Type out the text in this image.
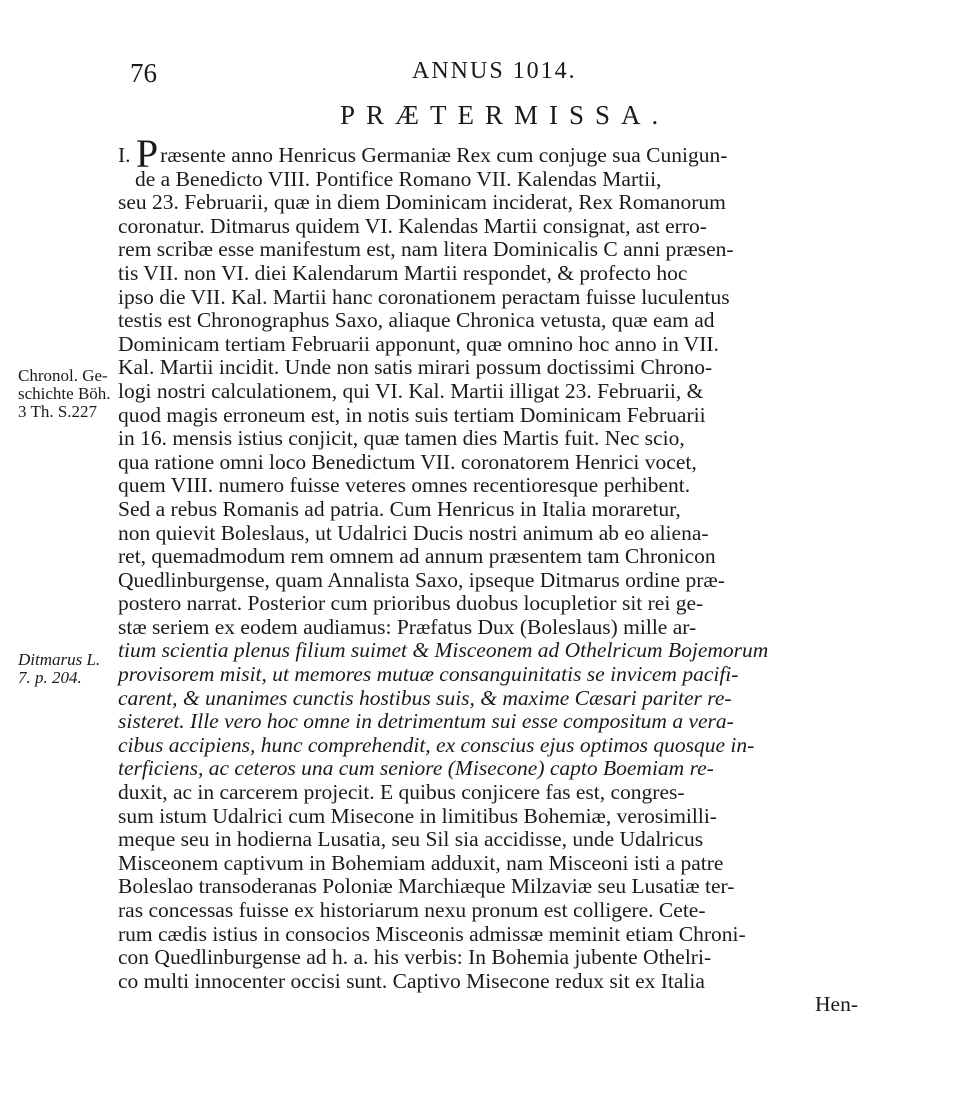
76	ANNUS 1014.
PRÆTERMISSA.
Chronol. Ge-
schichte Böh.
3 Th. S.227
Ditmarus L.
7. p. 204.
I. Præsente anno Henricus Germaniæ Rex cum conjuge sua Cunigun-
de a Benedicto VIII. Pontifice Romano VII. Kalendas Martii,
seu 23. Februarii, quæ in diem Dominicam inciderat, Rex Romanorum
coronatur. Ditmarus quidem VI. Kalendas Martii consignat, ast erro-
rem scribæ esse manifestum est, nam litera Dominicalis C anni præsen-
tis VII. non VI. diei Kalendarum Martii respondet, & profecto hoc
ipso die VII. Kal. Martii hanc coronationem peractam fuisse luculentus
testis est Chronographus Saxo, aliaque Chronica vetusta, quæ eam ad
Dominicam tertiam Februarii apponunt, quæ omnino hoc anno in VII.
Kal. Martii incidit. Unde non satis mirari possum doctissimi Chrono-
logi nostri calculationem, qui VI. Kal. Martii illigat 23. Februarii, &
quod magis erroneum est, in notis suis tertiam Dominicam Februarii
in 16. mensis istius conjicit, quæ tamen dies Martis fuit. Nec scio,
qua ratione omni loco Benedictum VII. coronatorem Henrici vocet,
quem VIII. numero fuisse veteres omnes recentioresque perhibent.
Sed a rebus Romanis ad patria. Cum Henricus in Italia moraretur,
non quievit Boleslaus, ut Udalrici Ducis nostri animum ab eo aliena-
ret, quemadmodum rem omnem ad annum præsentem tam Chronicon
Quedlinburgense, quam Annalista Saxo, ipseque Ditmarus ordine præ-
postero narrat. Posterior cum prioribus duobus locupletior sit rei ge-
stæ seriem ex eodem audiamus: Præfatus Dux (Boleslaus) mille ar-
tium scientia plenus filium suimet & Misceonem ad Othelricum Bojemorum
provisorem misit, ut memores mutuæ consanguinitatis se invicem pacifi-
carent, & unanimes cunctis hostibus suis, & maxime Cæsari pariter re-
sisteret. Ille vero hoc omne in detrimentum sui esse compositum a vera-
cibus accipiens, hunc comprehendit, ex conscius ejus optimos quosque in-
terficiens, ac ceteros una cum seniore (Misecone) capto Boemiam re-
duxit, ac in carcerem projecit. E quibus conjicere fas est, congres-
sum istum Udalrici cum Misecone in limitibus Bohemiæ, verosimilli-
meque seu in hodierna Lusatia, seu Sil sia accidisse, unde Udalricus
Misceonem captivum in Bohemiam adduxit, nam Misceoni isti a patre
Boleslao transoderanas Poloniæ Marchiæque Milzaviæ seu Lusatiæ ter-
ras concessas fuisse ex historiarum nexu pronum est colligere. Cete-
rum cædis istius in consocios Misceonis admissæ meminit etiam Chroni-
con Quedlinburgense ad h. a. his verbis: In Bohemia jubente Othelri-
co multi innocenter occisi sunt. Captivo Misecone redux sit ex Italia
Hen-
